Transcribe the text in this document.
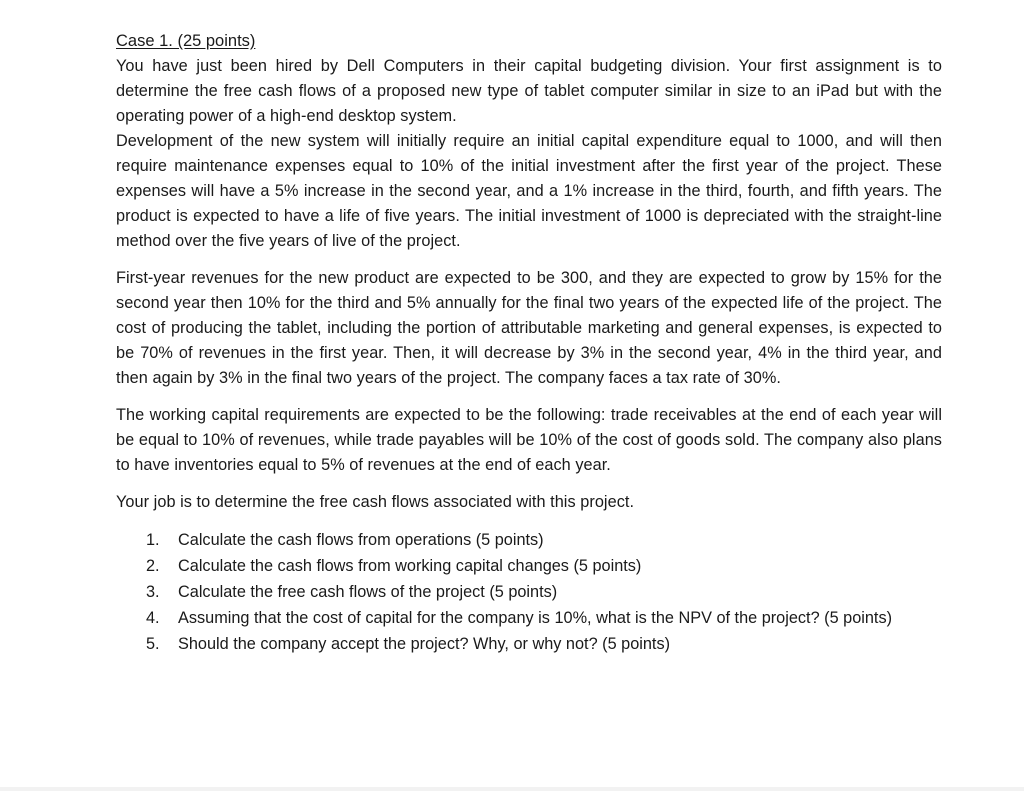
Case 1. (25 points)

You have just been hired by Dell Computers in their capital budgeting division. Your first assignment is to determine the free cash flows of a proposed new type of tablet computer similar in size to an iPad but with the operating power of a high-end desktop system.

Development of the new system will initially require an initial capital expenditure equal to 1000, and will then require maintenance expenses equal to 10% of the initial investment after the first year of the project. These expenses will have a 5% increase in the second year, and a 1% increase in the third, fourth, and fifth years. The product is expected to have a life of five years. The initial investment of 1000 is depreciated with the straight-line method over the five years of live of the project.

First-year revenues for the new product are expected to be 300, and they are expected to grow by 15% for the second year then 10% for the third and 5% annually for the final two years of the expected life of the project. The cost of producing the tablet, including the portion of attributable marketing and general expenses, is expected to be 70% of revenues in the first year. Then, it will decrease by 3% in the second year, 4% in the third year, and then again by 3% in the final two years of the project. The company faces a tax rate of 30%.

The working capital requirements are expected to be the following: trade receivables at the end of each year will be equal to 10% of revenues, while trade payables will be 10% of the cost of goods sold. The company also plans to have inventories equal to 5% of revenues at the end of each year.

Your job is to determine the free cash flows associated with this project.

1.	Calculate the cash flows from operations (5 points)
2.	Calculate the cash flows from working capital changes (5 points)
3.	Calculate the free cash flows of the project (5 points)
4.	Assuming that the cost of capital for the company is 10%, what is the NPV of the project? (5 points)
5.	Should the company accept the project? Why, or why not? (5 points)
